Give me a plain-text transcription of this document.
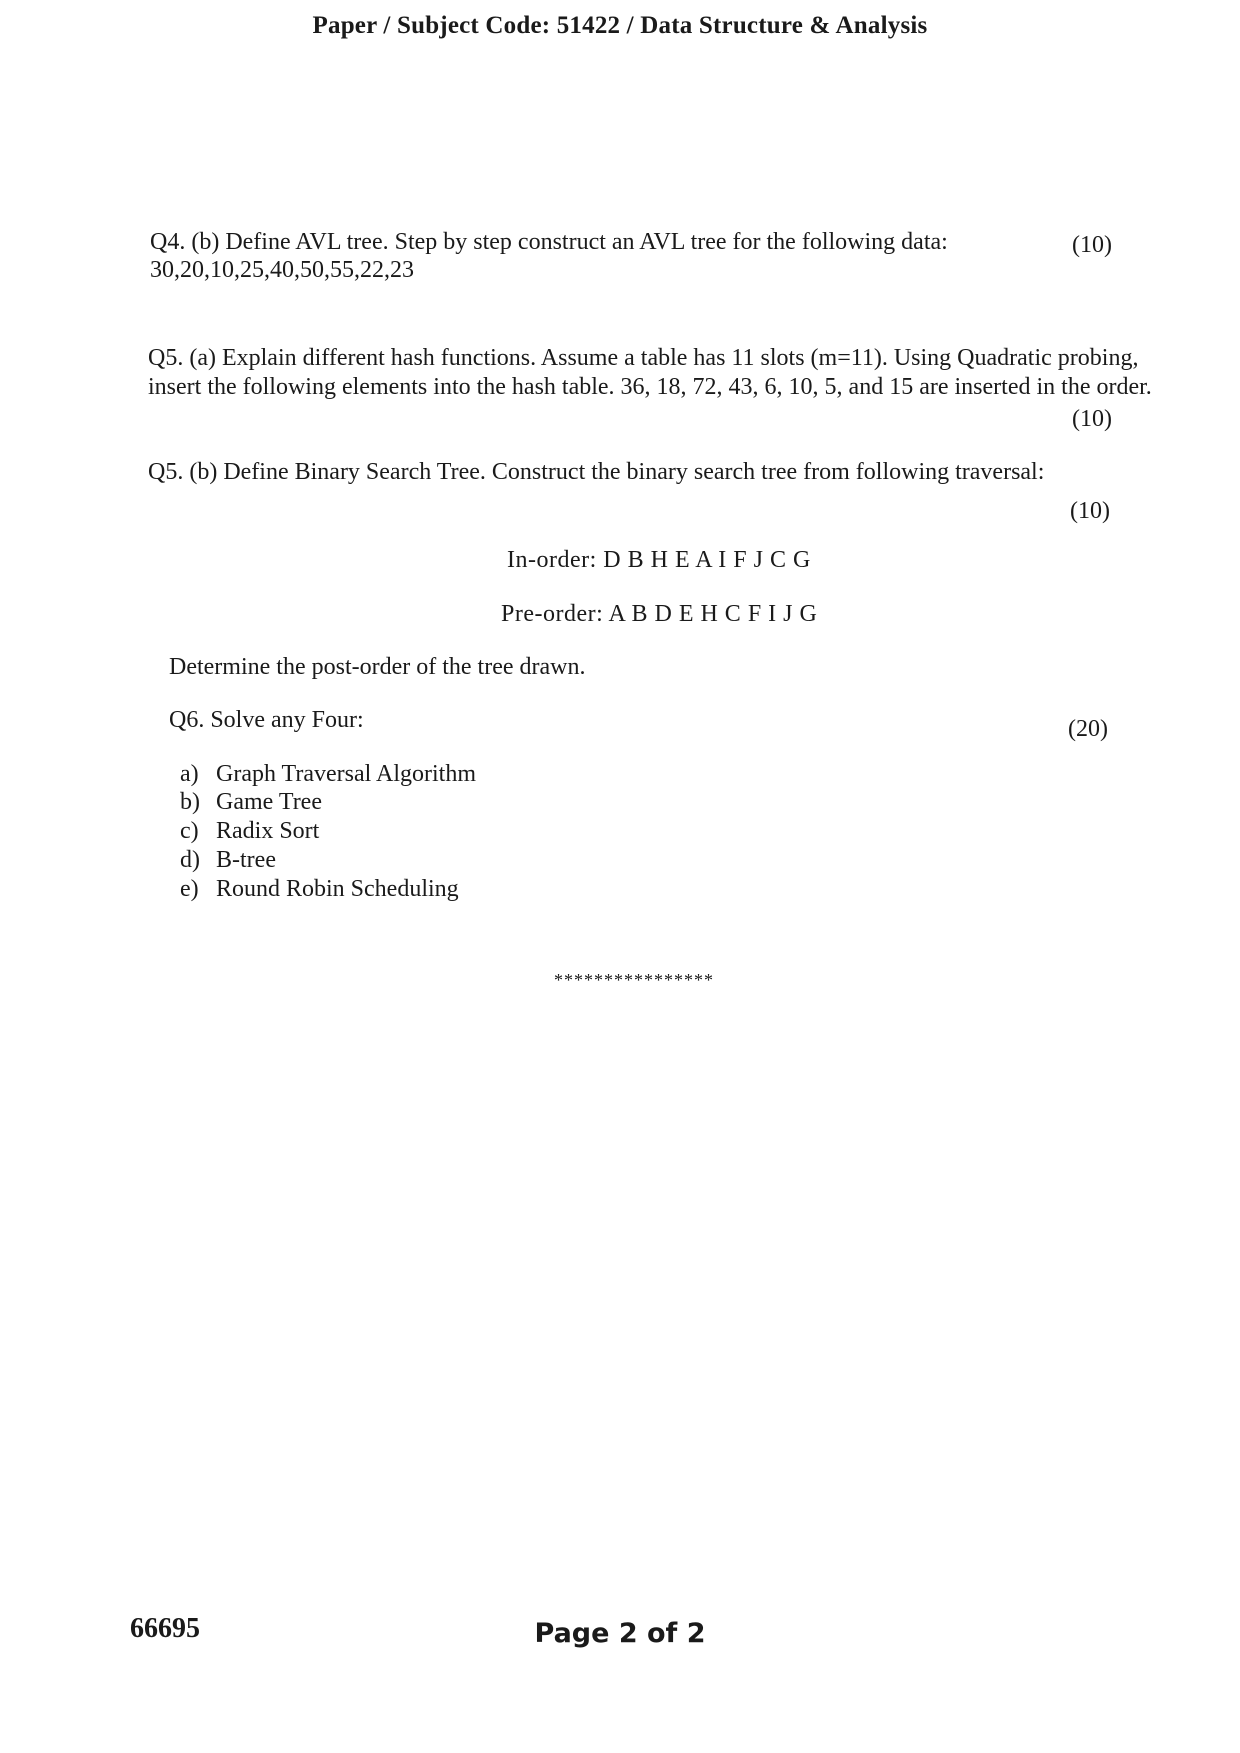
Paper / Subject Code: 51422 / Data Structure & Analysis
Q4. (b) Define AVL tree. Step by step construct an AVL tree for the following data:	(10)
30,20,10,25,40,50,55,22,23
Q5. (a) Explain different hash functions. Assume a table has 11 slots (m=11). Using Quadratic probing,
insert the following elements into the hash table. 36, 18, 72, 43, 6, 10, 5, and 15 are inserted in the order.
(10)
Q5. (b) Define Binary Search Tree. Construct the binary search tree from following traversal:
(10)
In-order: D B H E A I F J C G
Pre-order: A B D E H C F I J G
Determine the post-order of the tree drawn.
Q6. Solve any Four:	(20)
a) Graph Traversal Algorithm
b) Game Tree
c) Radix Sort
d) B-tree
e) Round Robin Scheduling
****************
66695	Page 2 of 2
